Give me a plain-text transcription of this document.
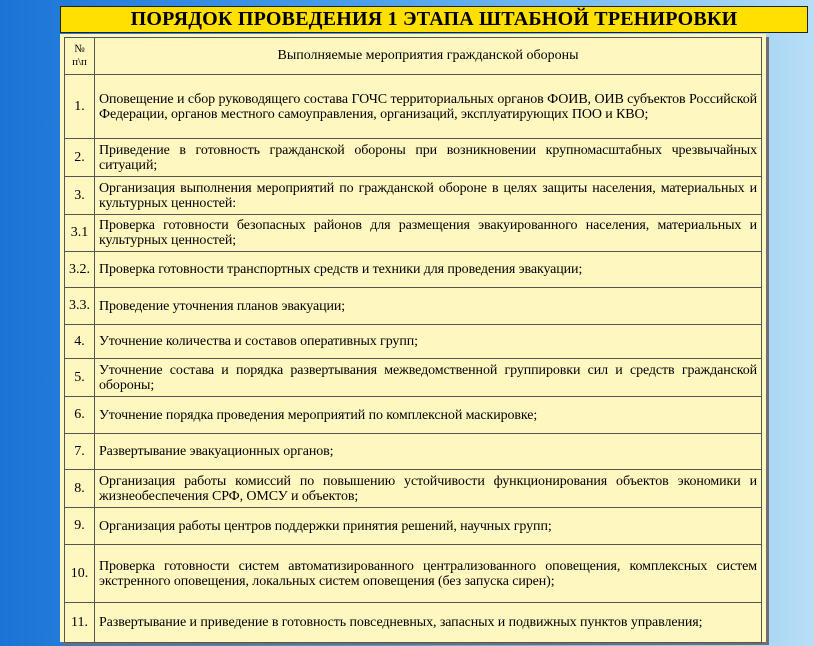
ПОРЯДОК ПРОВЕДЕНИЯ 1 ЭТАПА ШТАБНОЙ ТРЕНИРОВКИ
№ п\п	Выполняемые мероприятия гражданской обороны
1.	Оповещение и сбор руководящего состава ГОЧС территориальных органов ФОИВ, ОИВ субъектов Российской Федерации, органов местного самоуправления, организаций, эксплуатирующих ПОО и КВО;
2.	Приведение в готовность гражданской обороны при возникновении крупномасштабных чрезвычайных ситуаций;
3.	Организация выполнения мероприятий по гражданской обороне в целях защиты населения, материальных и культурных ценностей:
3.1	Проверка готовности безопасных районов для размещения эвакуированного населения, материальных и культурных ценностей;
3.2.	Проверка готовности транспортных средств и техники для проведения эвакуации;
3.3.	Проведение уточнения планов эвакуации;
4.	Уточнение количества и составов оперативных групп;
5.	Уточнение состава и порядка развертывания межведомственной группировки сил и средств гражданской обороны;
6.	Уточнение порядка проведения мероприятий по комплексной маскировке;
7.	Развертывание эвакуационных органов;
8.	Организация работы комиссий по повышению устойчивости функционирования объектов экономики и жизнеобеспечения СРФ, ОМСУ и объектов;
9.	Организация работы центров поддержки принятия решений, научных групп;
10.	Проверка готовности систем автоматизированного централизованного оповещения, комплексных систем экстренного оповещения, локальных систем оповещения (без запуска сирен);
11.	Развертывание и приведение в готовность повседневных, запасных и подвижных пунктов управления;
